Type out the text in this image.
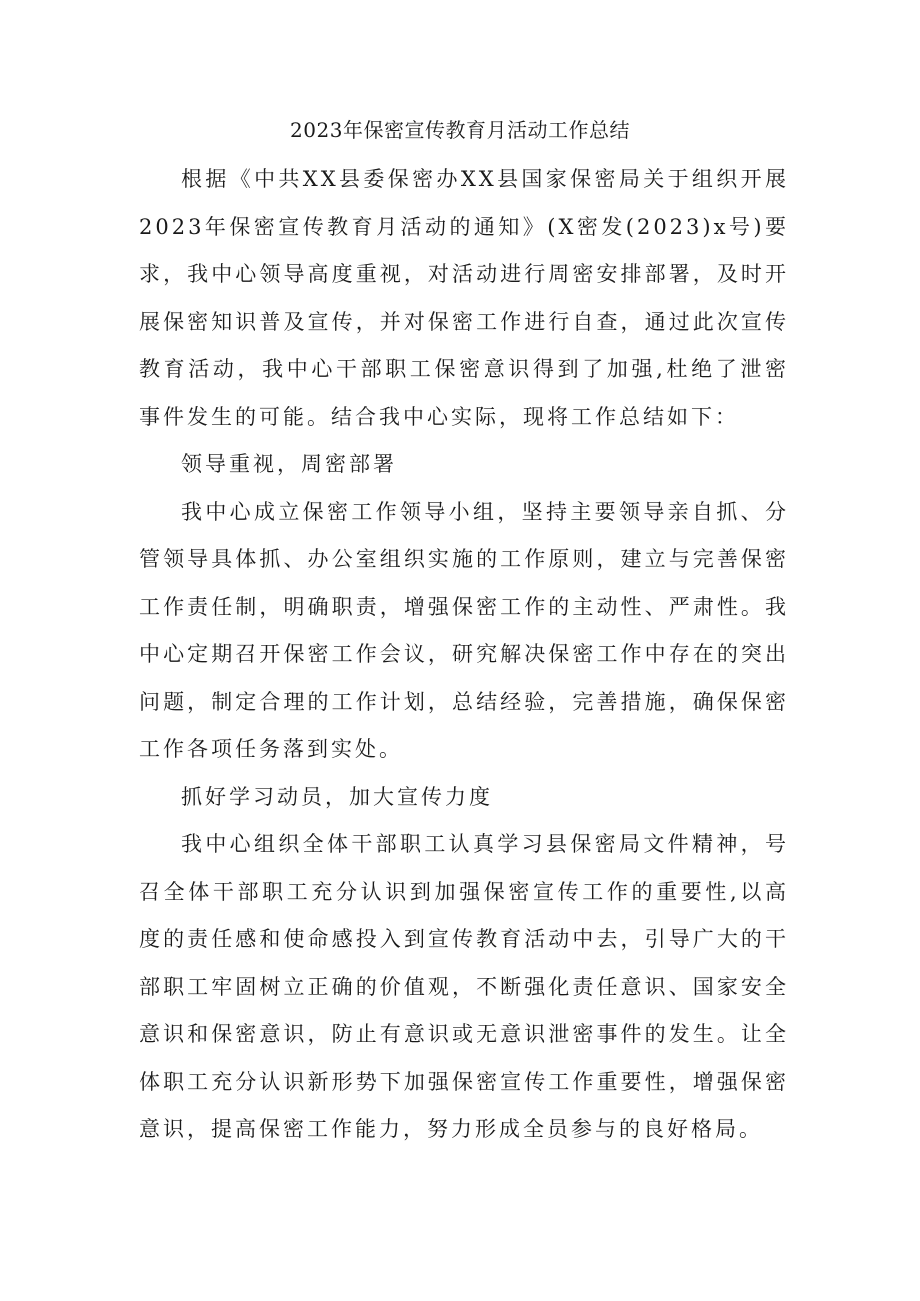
2023年保密宣传教育月活动工作总结

根据《中共XX县委保密办XX县国家保密局关于组织开展2023年保密宣传教育月活动的通知》(X密发(2023)x号)要求，我中心领导高度重视，对活动进行周密安排部署，及时开展保密知识普及宣传，并对保密工作进行自查，通过此次宣传教育活动，我中心干部职工保密意识得到了加强,杜绝了泄密事件发生的可能。结合我中心实际，现将工作总结如下：

领导重视，周密部署

我中心成立保密工作领导小组，坚持主要领导亲自抓、分管领导具体抓、办公室组织实施的工作原则，建立与完善保密工作责任制，明确职责，增强保密工作的主动性、严肃性。我中心定期召开保密工作会议，研究解决保密工作中存在的突出问题，制定合理的工作计划，总结经验，完善措施，确保保密工作各项任务落到实处。

抓好学习动员，加大宣传力度

我中心组织全体干部职工认真学习县保密局文件精神，号召全体干部职工充分认识到加强保密宣传工作的重要性,以高度的责任感和使命感投入到宣传教育活动中去，引导广大的干部职工牢固树立正确的价值观，不断强化责任意识、国家安全意识和保密意识，防止有意识或无意识泄密事件的发生。让全体职工充分认识新形势下加强保密宣传工作重要性，增强保密意识，提高保密工作能力，努力形成全员参与的良好格局。
